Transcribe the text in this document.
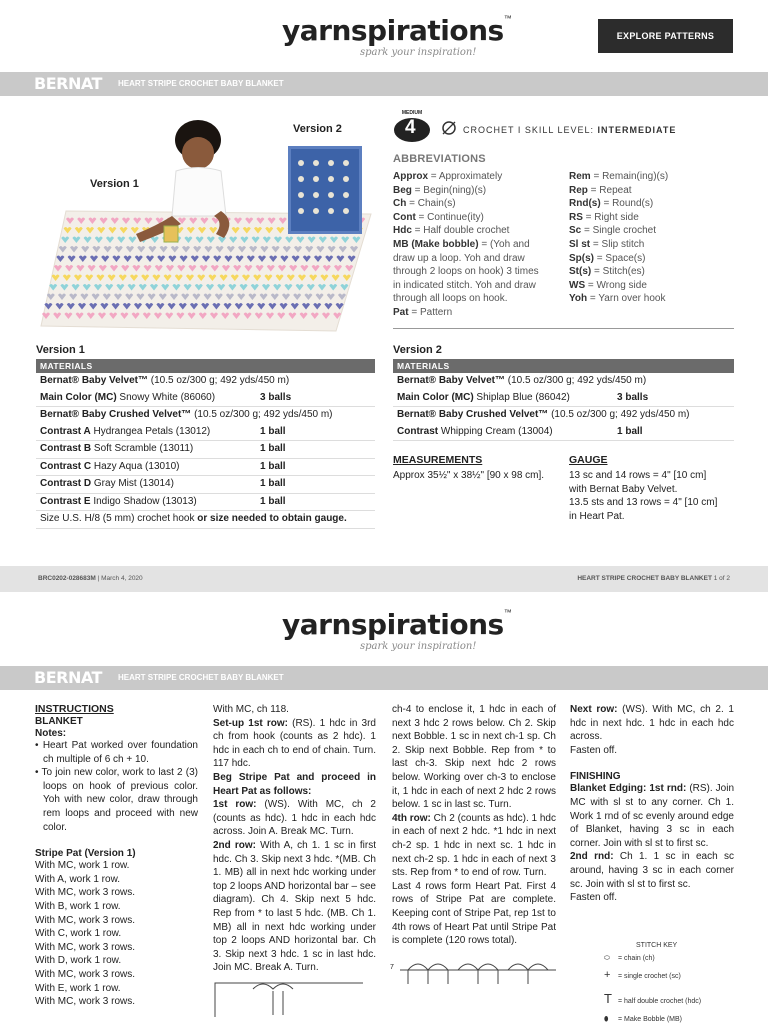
yarnspirations™
spark your inspiration!
EXPLORE PATTERNS
BERNAT HEART STRIPE CROCHET BABY BLANKET
Version 1
Version 2
MEDIUM
4	CROCHET I SKILL LEVEL: INTERMEDIATE
ABBREVIATIONS
Approx = Approximately
Beg = Begin(ning)(s)
Ch = Chain(s)
Cont = Continue(ity)
Hdc = Half double crochet
MB (Make bobble) = (Yoh and
draw up a loop. Yoh and draw
through 2 loops on hook) 3 times
in indicated stitch. Yoh and draw
through all loops on hook.
Pat = Pattern
Rem = Remain(ing)(s)
Rep = Repeat
Rnd(s) = Round(s)
RS = Right side
Sc = Single crochet
Sl st = Slip stitch
Sp(s) = Space(s)
St(s) = Stitch(es)
WS = Wrong side
Yoh = Yarn over hook
Version 1
MATERIALS
Bernat® Baby Velvet™ (10.5 oz/300 g; 492 yds/450 m)
Main Color (MC) Snowy White (86060)	3 balls
Bernat® Baby Crushed Velvet™ (10.5 oz/300 g; 492 yds/450 m)
Contrast A Hydrangea Petals (13012)	1 ball
Contrast B Soft Scramble (13011)	1 ball
Contrast C Hazy Aqua (13010)	1 ball
Contrast D Gray Mist (13014)	1 ball
Contrast E Indigo Shadow (13013)	1 ball
Size U.S. H/8 (5 mm) crochet hook or size needed to obtain gauge.
Version 2
MATERIALS
Bernat® Baby Velvet™ (10.5 oz/300 g; 492 yds/450 m)
Main Color (MC) Shiplap Blue (86042)	3 balls
Bernat® Baby Crushed Velvet™ (10.5 oz/300 g; 492 yds/450 m)
Contrast Whipping Cream (13004)	1 ball
MEASUREMENTS
Approx 35½" x 38½" [90 x 98 cm].
GAUGE
13 sc and 14 rows = 4" [10 cm]
with Bernat Baby Velvet.
13.5 sts and 13 rows = 4" [10 cm]
in Heart Pat.
BRC0202-028683M | March 4, 2020	HEART STRIPE CROCHET BABY BLANKET 1 of 2
yarnspirations™
spark your inspiration!
BERNAT HEART STRIPE CROCHET BABY BLANKET
INSTRUCTIONS
BLANKET
Notes:

• Heart Pat worked over foundation ch multiple of 6 ch + 10.

• To join new color, work to last 2 (3) loops on hook of previous color. Yoh with new color, draw through rem loops and proceed with new color.

Stripe Pat (Version 1)

With MC, work 1 row.

With A, work 1 row.

With MC, work 3 rows.

With B, work 1 row.

With MC, work 3 rows.

With C, work 1 row.

With MC, work 3 rows.

With D, work 1 row.

With MC, work 3 rows.

With E, work 1 row.

With MC, work 3 rows.

With MC, ch 118.

Set-up 1st row: (RS). 1 hdc in 3rd ch from hook (counts as 2 hdc). 1 hdc in each ch to end of chain. Turn. 117 hdc.

Beg Stripe Pat and proceed in Heart Pat as follows:

1st row: (WS). With MC, ch 2 (counts as hdc). 1 hdc in each hdc across. Join A. Break MC. Turn.

2nd row: With A, ch 1. 1 sc in first hdc. Ch 3. Skip next 3 hdc. *(MB. Ch 1. MB) all in next hdc working under top 2 loops AND horizontal bar – see diagram). Ch 4. Skip next 5 hdc. Rep from * to last 5 hdc. (MB. Ch 1. MB) all in next hdc working under top 2 loops AND horizontal bar. Ch 3. Skip next 3 hdc. 1 sc in last hdc. Join MC. Break A. Turn.

ch-4 to enclose it, 1 hdc in each of next 3 hdc 2 rows below. Ch 2. Skip next Bobble. 1 sc in next ch-1 sp. Ch 2. Skip next Bobble. Rep from * to last ch-3. Skip next hdc 2 rows below. Working over ch-3 to enclose it, 1 hdc in each of next 2 hdc 2 rows below. 1 sc in last sc. Turn.

4th row: Ch 2 (counts as hdc). 1 hdc in each of next 2 hdc. *1 hdc in next ch-2 sp. 1 hdc in next sc. 1 hdc in next ch-2 sp. 1 hdc in each of next 3 sts. Rep from * to end of row. Turn.

Last 4 rows form Heart Pat. First 4 rows of Stripe Pat are complete. Keeping cont of Stripe Pat, rep 1st to 4th rows of Heart Pat until Stripe Pat is complete (120 rows total).

7

Next row: (WS). With MC, ch 2. 1 hdc in next hdc. 1 hdc in each hdc across.

Fasten off.

FINISHING

Blanket Edging: 1st rnd: (RS). Join MC with sl st to any corner. Ch 1. Work 1 rnd of sc evenly around edge of Blanket, having 3 sc in each corner. Join with sl st to first sc.

2nd rnd: Ch 1. 1 sc in each sc around, having 3 sc in each corner sc. Join with sl st to first sc.

Fasten off.

STITCH KEY
⬭ = chain (ch)
+ = single crochet (sc)
T = half double crochet (hdc)
⬮ = Make Bobble (MB)
